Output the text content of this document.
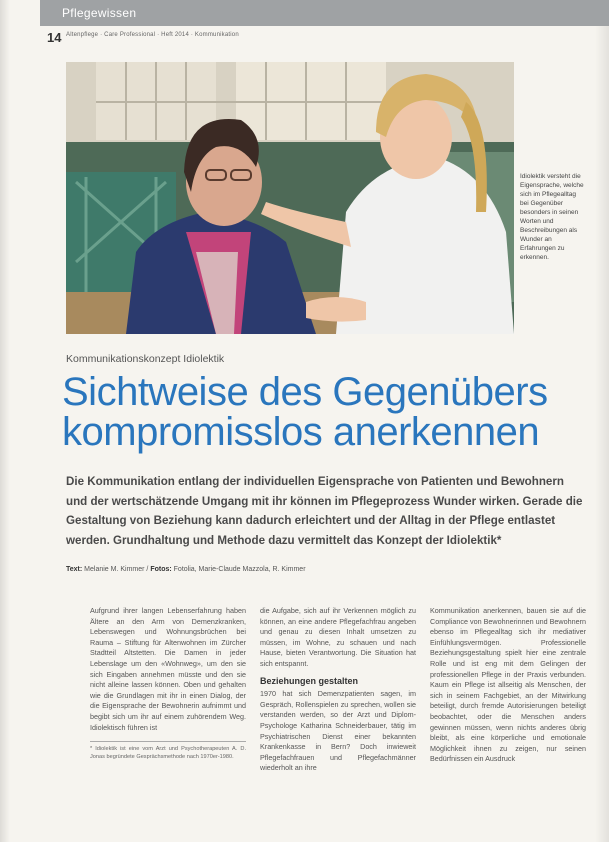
Pflegewissen
14 Altenpflege · Care Professional · Heft 2014 · Kommunikation
Idiolektik versteht die Eigensprache, welche sich im Pflegealltag bei Gegenüber besonders in seinen Worten und Beschreibungen als Wunder an Erfahrungen zu erkennen.
Kommunikationskonzept Idiolektik
Sichtweise des Gegenübers
kompromisslos anerkennen

Die Kommunikation entlang der individuellen Eigensprache von Patienten und Bewohnern und der wertschätzende Umgang mit ihr können im Pflegeprozess Wunder wirken. Gerade die Gestaltung von Beziehung kann dadurch erleichtert und der Alltag in der Pflege entlastet werden. Grundhaltung und Methode dazu vermittelt das Konzept der Idiolektik*

Text: Melanie M. Kimmer / Fotos: Fotolia, Marie-Claude Mazzola, R. Kimmer

Aufgrund ihrer langen Lebenserfahrung haben Ältere an den Arm von Demenzkranken, Lebenswegen und Wohnungsbrüchen bei Rauma – Stiftung für Altenwohnen im Zürcher Stadtteil Altstetten. Die Damen in jeder Lebenslage um den «Wohnweg», um den sie sich Eingaben annehmen müsste und den sie nicht alleine lassen können. Oben und gehalten wie die Grundlagen mit ihr in einen Dialog, der die Eigensprache der Bewohnerin aufnimmt und begibt sich um ihr auf einem zuhörendem Weg. Idiolektisch führen ist

* Idiolektik ist eine vom Arzt und Psychotherapeuten A. D. Jonas begründete Gesprächsmethode nach 1970er-1980.

die Aufgabe, sich auf ihr Verkennen möglich zu können, an eine andere Pflegefachfrau angeben und genau zu diesen Inhalt umsetzen zu müssen, im Wohne, zu schauen und nach Hause, bieten Verantwortung. Die Situation hat sich entspannt.

Beziehungen gestalten

1970 hat sich Demenzpatienten sagen, im Gespräch, Rollenspielen zu sprechen, wollen sie verstanden werden, so der Arzt und Diplom-Psychologe Katharina Schneiderbauer, tätig im Psychiatrischen Dienst einer bekannten Krankenkasse in Bern? Doch inwieweit Pflegefachfrauen und Pflegefachmänner wiederholt an ihre

Kommunikation anerkennen, bauen sie auf die Compliance von Bewohnerinnen und Bewohnern ebenso im Pflegealltag sich ihr mediativer Einfühlungsvermögen. Professionelle Beziehungsgestaltung spielt hier eine zentrale Rolle und ist eng mit dem Gelingen der professionellen Pflege in der Praxis verbunden. Kaum ein Pflege ist allseitig als Menschen, der sich in seinem Fachgebiet, an der Mitwirkung beteiligt, durch fremde Autorisierungen beteiligt beobachtet, oder die Menschen anders gewinnen müssen, wenn nichts anderes übrig bleibt, als eine körperliche und emotionale Möglichkeit ihnen zu zeigen, nur seinen Bedürfnissen ein Ausdruck
